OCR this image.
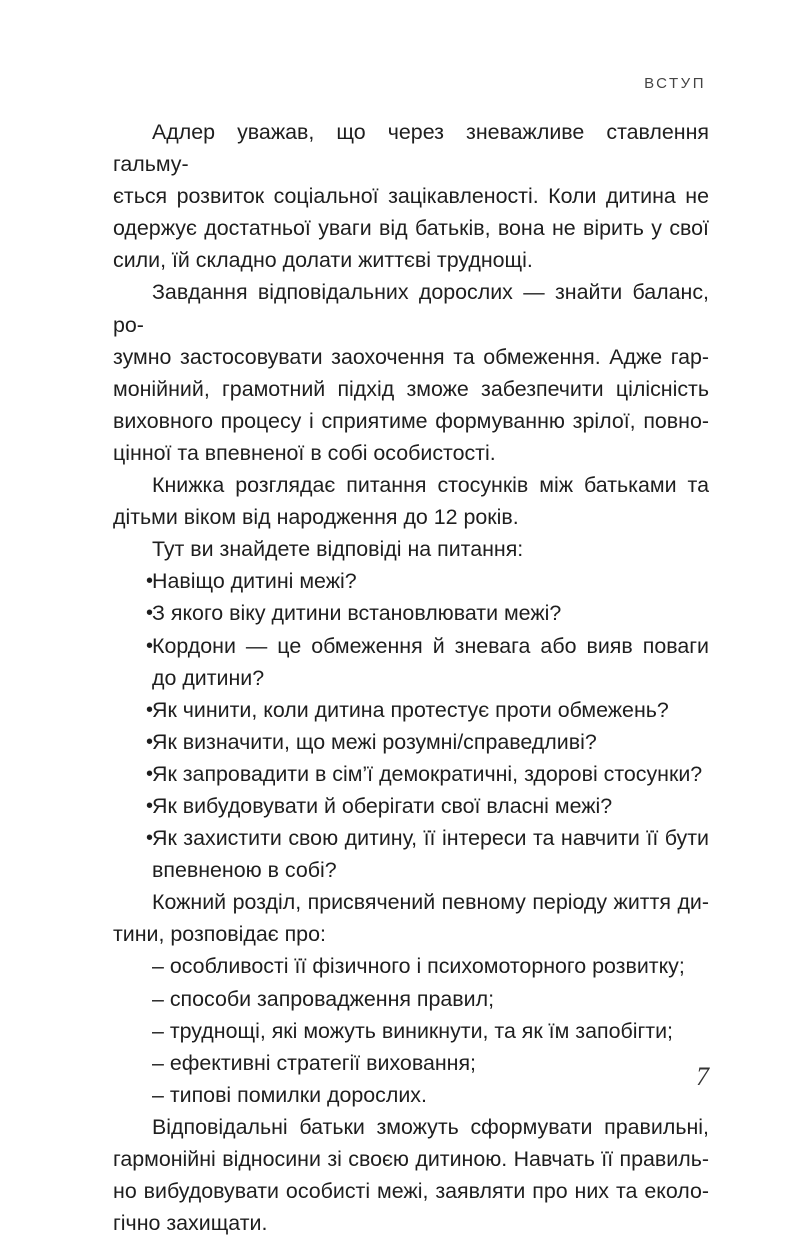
ВСТУП
Адлер уважав, що через зневажливе ставлення гальму-
ється розвиток соціальної зацікавленості. Коли дитина не
одержує достатньої уваги від батьків, вона не вірить у свої
сили, їй складно долати життєві труднощі.
Завдання відповідальних дорослих — знайти баланс, ро-
зумно застосовувати заохочення та обмеження. Адже гар-
монійний, грамотний підхід зможе забезпечити цілісність
виховного процесу і сприятиме формуванню зрілої, повно-
цінної та впевненої в собі особистості.
Книжка розглядає питання стосунків між батьками та
дітьми віком від народження до 12 років.
Тут ви знайдете відповіді на питання:
Навіщо дитині межі?
З якого віку дитини встановлювати межі?
Кордони — це обмеження й зневага або вияв поваги
до дитини?
Як чинити, коли дитина протестує проти обмежень?
Як визначити, що межі розумні/справедливі?
Як запровадити в сім’ї демократичні, здорові стосунки?
Як вибудовувати й оберігати свої власні межі?
Як захистити свою дитину, її інтереси та навчити її бути
впевненою в собі?
Кожний розділ, присвячений певному періоду життя ди-
тини, розповідає про:
– особливості її фізичного і психомоторного розвитку;
– способи запровадження правил;
– труднощі, які можуть виникнути, та як їм запобігти;
– ефективні стратегії виховання;
– типові помилки дорослих.
Відповідальні батьки зможуть сформувати правильні,
гармонійні відносини зі своєю дитиною. Навчать її правиль-
но вибудовувати особисті межі, заявляти про них та еколо-
гічно захищати.
7
